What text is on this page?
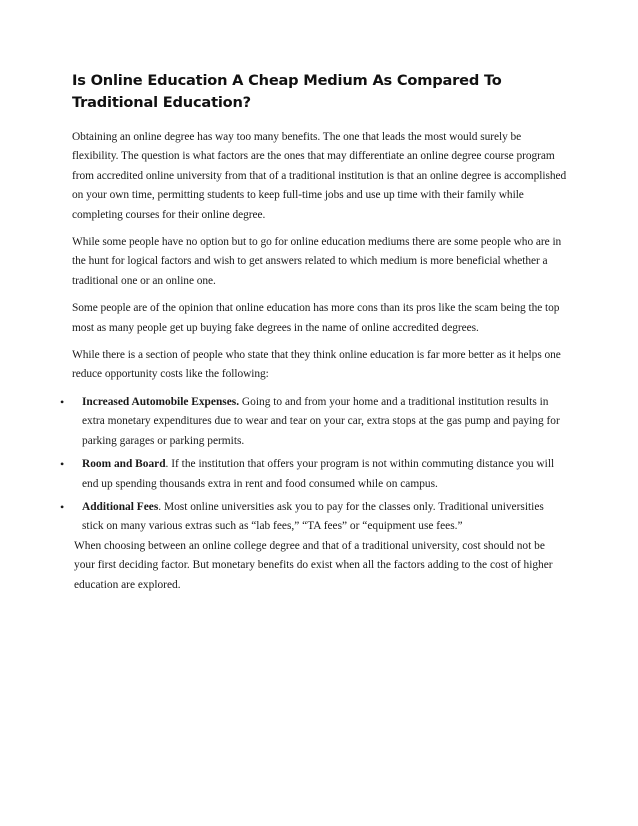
Is Online Education A Cheap Medium As Compared To Traditional Education?

Obtaining an online degree has way too many benefits. The one that leads the most would surely be flexibility. The question is what factors are the ones that may differentiate an online degree course program from accredited online university from that of a traditional institution is that an online degree is accomplished on your own time, permitting students to keep full-time jobs and use up time with their family while completing courses for their online degree.

While some people have no option but to go for online education mediums there are some people who are in the hunt for logical factors and wish to get answers related to which medium is more beneficial whether a traditional one or an online one.

Some people are of the opinion that online education has more cons than its pros like the scam being the top most as many people get up buying fake degrees in the name of online accredited degrees.

While there is a section of people who state that they think online education is far more better as it helps one reduce opportunity costs like the following:

• Increased Automobile Expenses. Going to and from your home and a traditional institution results in extra monetary expenditures due to wear and tear on your car, extra stops at the gas pump and paying for parking garages or parking permits.
• Room and Board. If the institution that offers your program is not within commuting distance you will end up spending thousands extra in rent and food consumed while on campus.
• Additional Fees. Most online universities ask you to pay for the classes only. Traditional universities stick on many various extras such as “lab fees,” “TA fees” or “equipment use fees.”

When choosing between an online college degree and that of a traditional university, cost should not be your first deciding factor. But monetary benefits do exist when all the factors adding to the cost of higher education are explored.
